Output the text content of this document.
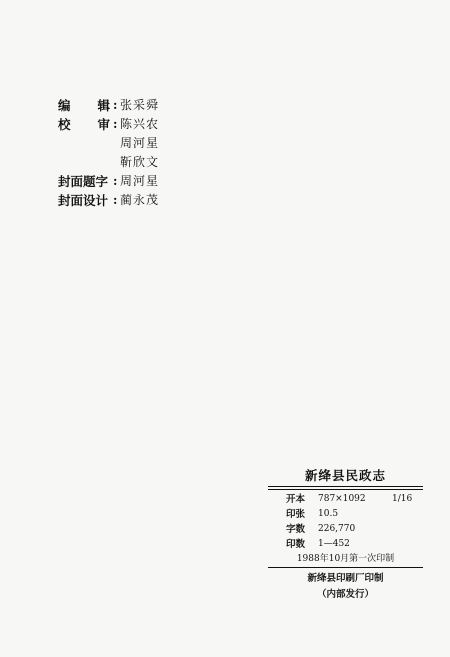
编 辑 : 张采舜
校 审 : 陈兴农
周河星
靳欣文
封面题字 : 周河星
封面设计 : 蔺永茂
新绛县民政志
开本 787×1092	1/16
印张 10.5
字数 226,770
印数 1—452
1988年10月第一次印制
新绛县印刷厂印制
（内部发行）
